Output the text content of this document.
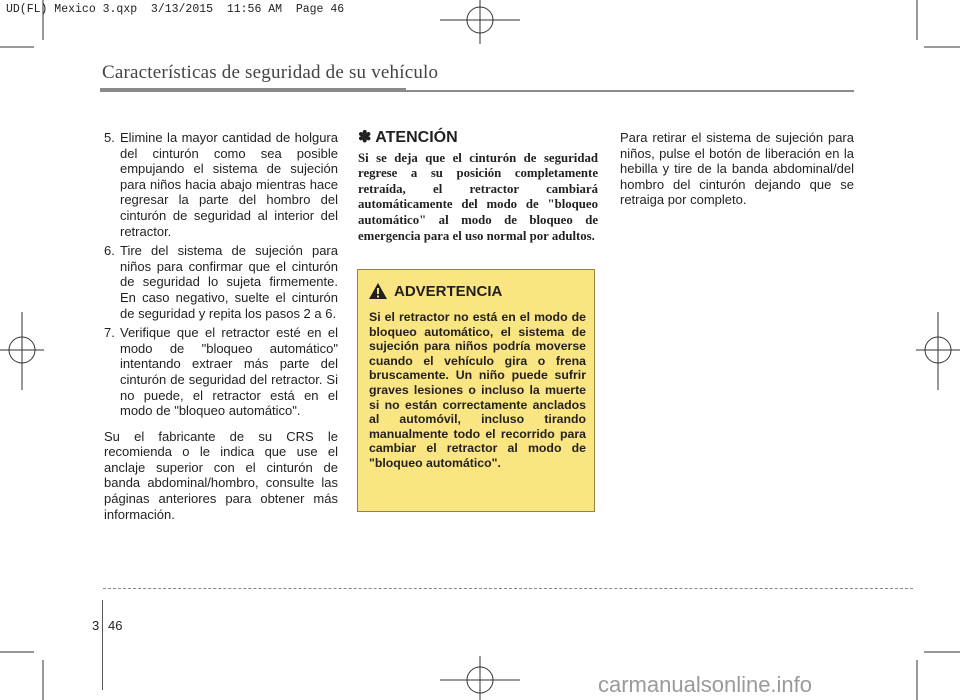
UD(FL) Mexico 3.qxp  3/13/2015  11:56 AM  Page 46
Características de seguridad de su vehículo
5. Elimine la mayor cantidad de holgura del cinturón como sea posible empujando el sistema de sujeción para niños hacia abajo mientras hace regresar la parte del hombro del cinturón de seguridad al interior del retractor.
6. Tire del sistema de sujeción para niños para confirmar que el cinturón de seguridad lo sujeta firmemente. En caso negativo, suelte el cinturón de seguridad y repita los pasos 2 a 6.
7. Verifique que el retractor esté en el modo de "bloqueo automático" intentando extraer más parte del cinturón de seguridad del retractor. Si no puede, el retractor está en el modo de "bloqueo automático".

Su el fabricante de su CRS le recomienda o le indica que use el anclaje superior con el cinturón de banda abdominal/hombro, consulte las páginas anteriores para obtener más información.

✽ ATENCIÓN
Si se deja que el cinturón de seguridad regrese a su posición completamente retraída, el retractor cambiará automáticamente del modo de "bloqueo automático" al modo de bloqueo de emergencia para el uso normal por adultos.
ADVERTENCIA
Si el retractor no está en el modo de bloqueo automático, el sistema de sujeción para niños podría moverse cuando el vehículo gira o frena bruscamente. Un niño puede sufrir graves lesiones o incluso la muerte si no están correctamente anclados al automóvil, incluso tirando manualmente todo el recorrido para cambiar el retractor al modo de "bloqueo automático".
Para retirar el sistema de sujeción para niños, pulse el botón de liberación en la hebilla y tire de la banda abdominal/del hombro del cinturón dejando que se retraiga por completo.
3 46
carmanualsonline.info
